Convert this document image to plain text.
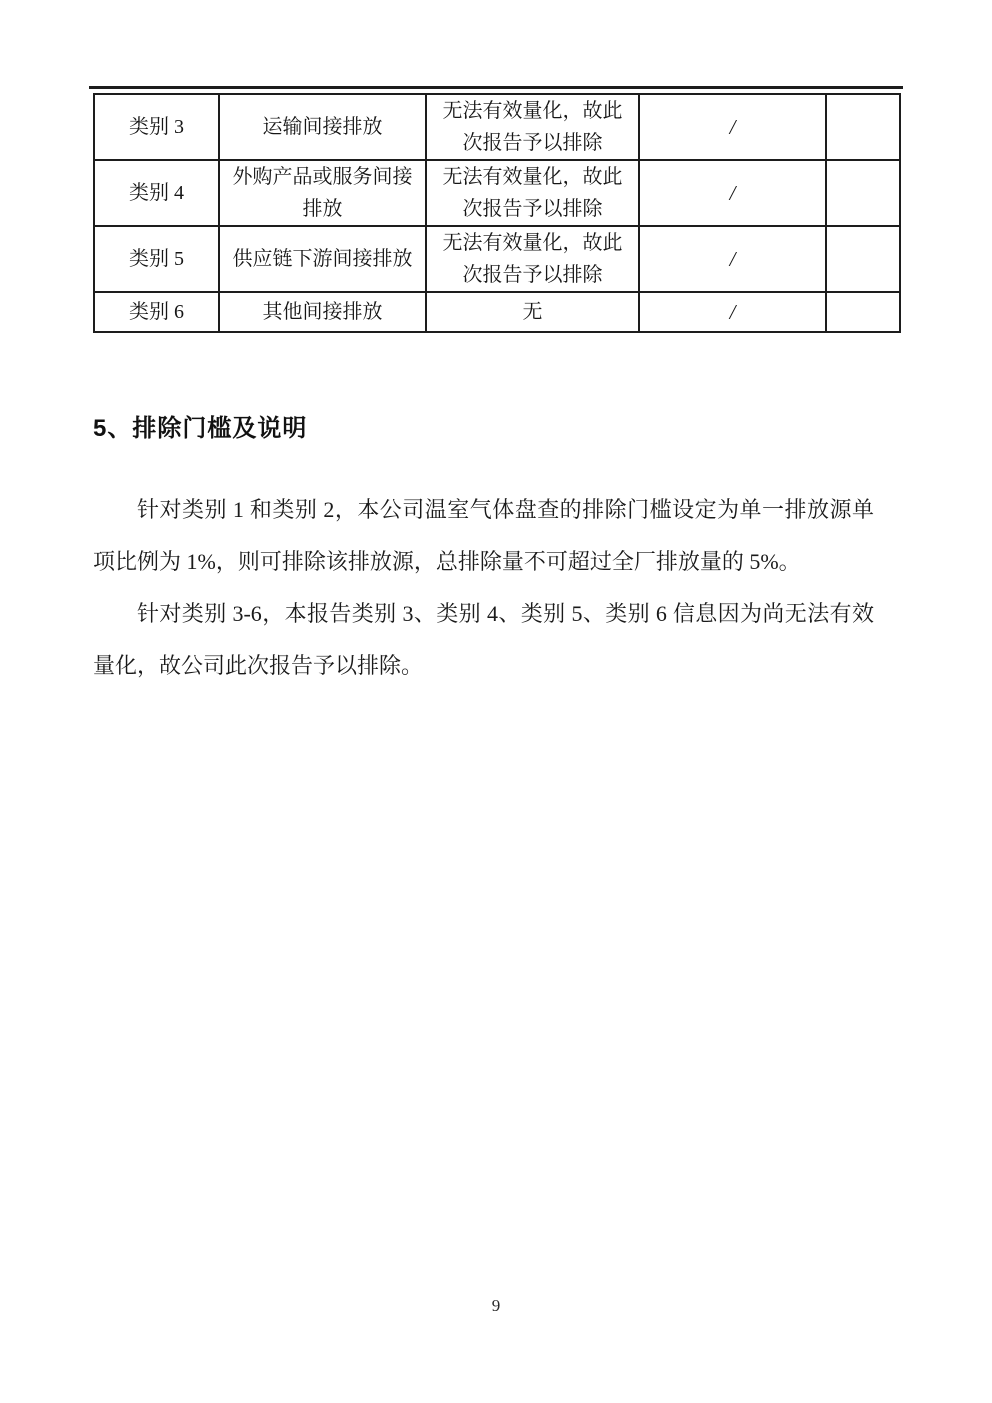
类别 3	运输间接排放	无法有效量化，故此次报告予以排除	/	
类别 4	外购产品或服务间接排放	无法有效量化，故此次报告予以排除	/	
类别 5	供应链下游间接排放	无法有效量化，故此次报告予以排除	/	
类别 6	其他间接排放	无	/	
5、排除门槛及说明

针对类别 1 和类别 2，本公司温室气体盘查的排除门槛设定为单一排放源单项比例为 1%，则可排除该排放源，总排除量不可超过全厂排放量的 5%。

针对类别 3-6，本报告类别 3、类别 4、类别 5、类别 6 信息因为尚无法有效量化，故公司此次报告予以排除。

9
